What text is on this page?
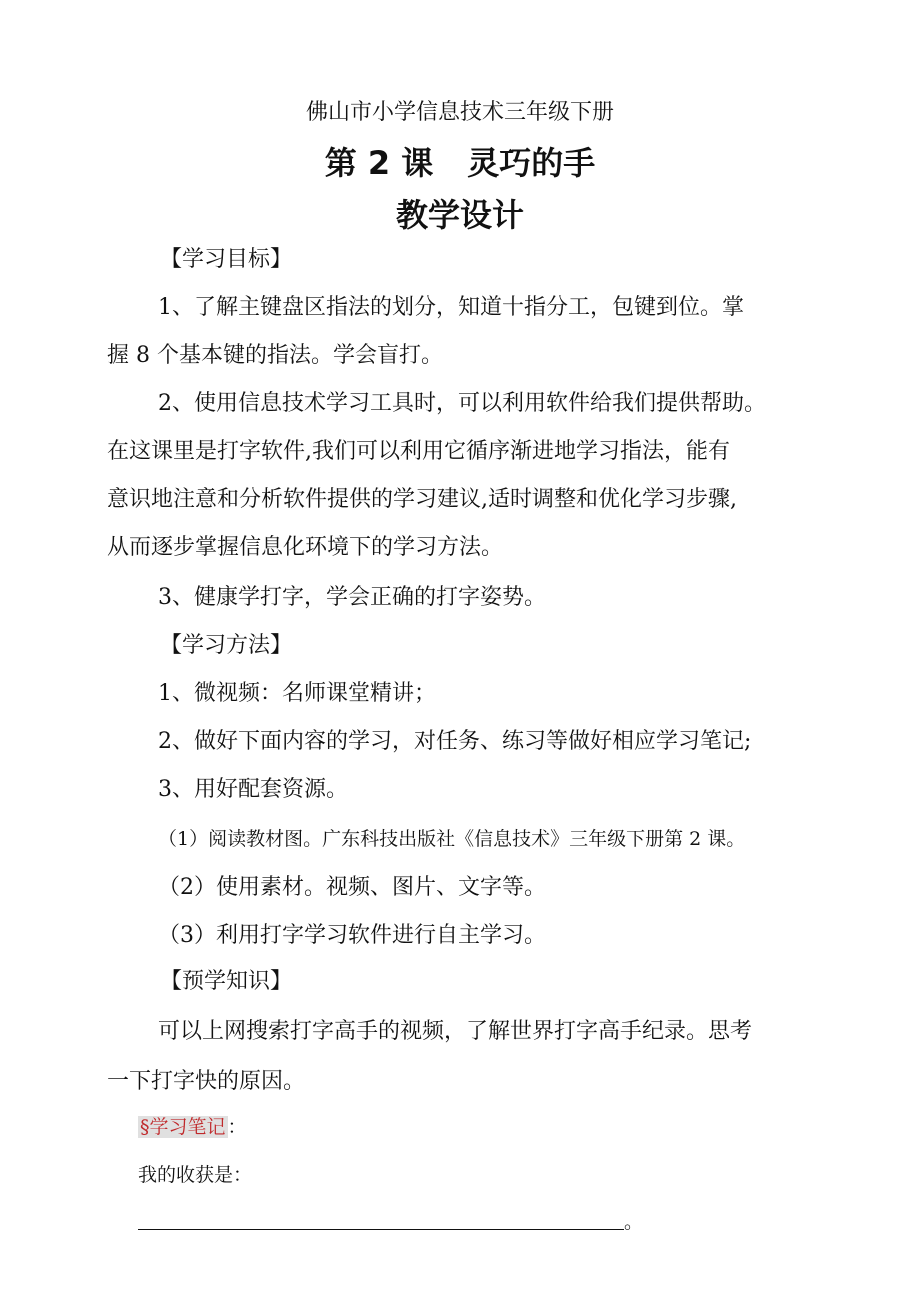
佛山市小学信息技术三年级下册
第 2 课 灵巧的手
教学设计
【学习目标】
1、了解主键盘区指法的划分，知道十指分工，包键到位。掌
握 8 个基本键的指法。学会盲打。
2、使用信息技术学习工具时，可以利用软件给我们提供帮助。
在这课里是打字软件,我们可以利用它循序渐进地学习指法，能有
意识地注意和分析软件提供的学习建议,适时调整和优化学习步骤,
从而逐步掌握信息化环境下的学习方法。
3、健康学打字，学会正确的打字姿势。
【学习方法】
1、微视频：名师课堂精讲；
2、做好下面内容的学习，对任务、练习等做好相应学习笔记;
3、用好配套资源。
（1）阅读教材图。广东科技出版社《信息技术》三年级下册第 2 课。
（2）使用素材。视频、图片、文字等。
（3）利用打字学习软件进行自主学习。
【预学知识】
可以上网搜索打字高手的视频，了解世界打字高手纪录。思考
一下打字快的原因。
§学习笔记 ：
我的收获是：
。
